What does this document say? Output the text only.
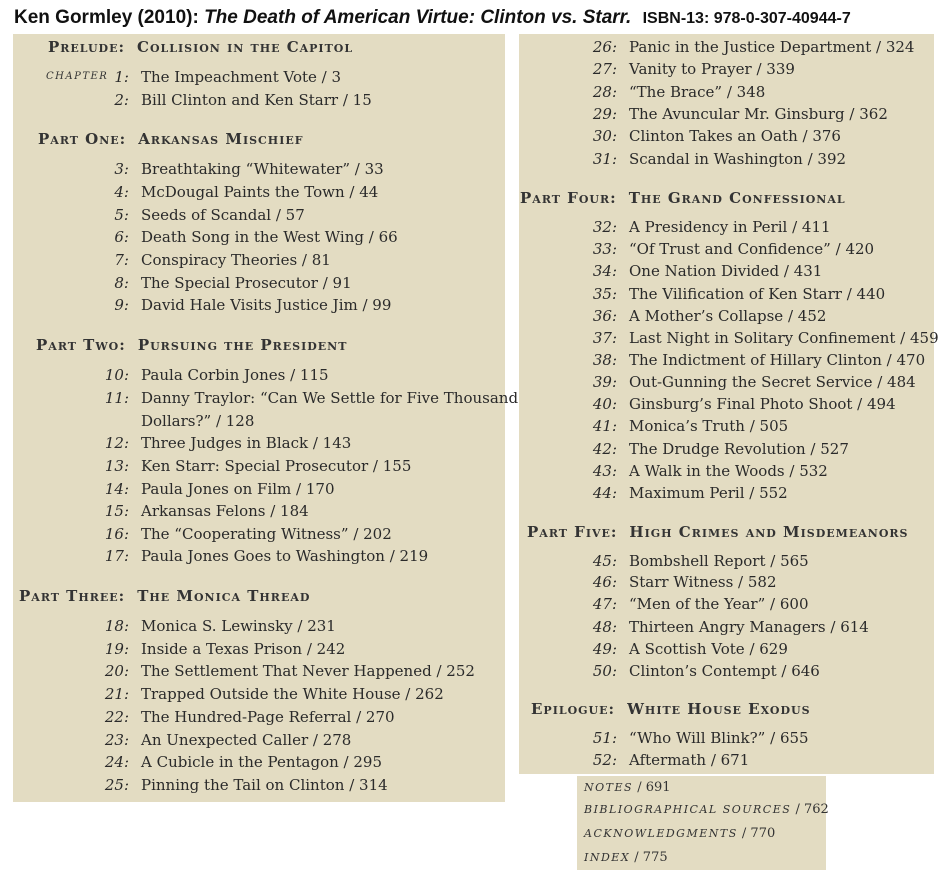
Ken Gormley (2010): The Death of American Virtue: Clinton vs. Starr. ISBN-13: 978-0-307-40944-7
Prelude: Collision in the Capitol
CHAPTER 1: The Impeachment Vote / 3
2: Bill Clinton and Ken Starr / 15
Part One: Arkansas Mischief
3: Breathtaking “Whitewater” / 33
4: McDougal Paints the Town / 44
5: Seeds of Scandal / 57
6: Death Song in the West Wing / 66
7: Conspiracy Theories / 81
8: The Special Prosecutor / 91
9: David Hale Visits Justice Jim / 99
Part Two: Pursuing the President
10: Paula Corbin Jones / 115
11: Danny Traylor: “Can We Settle for Five Thousand
Dollars?” / 128
12: Three Judges in Black / 143
13: Ken Starr: Special Prosecutor / 155
14: Paula Jones on Film / 170
15: Arkansas Felons / 184
16: The “Cooperating Witness” / 202
17: Paula Jones Goes to Washington / 219
Part Three: The Monica Thread
18: Monica S. Lewinsky / 231
19: Inside a Texas Prison / 242
20: The Settlement That Never Happened / 252
21: Trapped Outside the White House / 262
22: The Hundred-Page Referral / 270
23: An Unexpected Caller / 278
24: A Cubicle in the Pentagon / 295
25: Pinning the Tail on Clinton / 314
26: Panic in the Justice Department / 324
27: Vanity to Prayer / 339
28: “The Brace” / 348
29: The Avuncular Mr. Ginsburg / 362
30: Clinton Takes an Oath / 376
31: Scandal in Washington / 392
Part Four: The Grand Confessional
32: A Presidency in Peril / 411
33: “Of Trust and Confidence” / 420
34: One Nation Divided / 431
35: The Vilification of Ken Starr / 440
36: A Mother’s Collapse / 452
37: Last Night in Solitary Confinement / 459
38: The Indictment of Hillary Clinton / 470
39: Out-Gunning the Secret Service / 484
40: Ginsburg’s Final Photo Shoot / 494
41: Monica’s Truth / 505
42: The Drudge Revolution / 527
43: A Walk in the Woods / 532
44: Maximum Peril / 552
Part Five: High Crimes and Misdemeanors
45: Bombshell Report / 565
46: Starr Witness / 582
47: “Men of the Year” / 600
48: Thirteen Angry Managers / 614
49: A Scottish Vote / 629
50: Clinton’s Contempt / 646
Epilogue: White House Exodus
51: “Who Will Blink?” / 655
52: Aftermath / 671
NOTES / 691
BIBLIOGRAPHICAL SOURCES / 762
ACKNOWLEDGMENTS / 770
INDEX / 775
